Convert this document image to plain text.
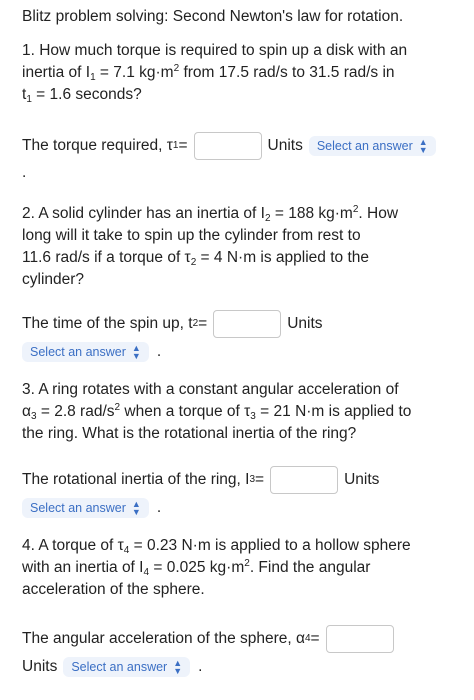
Blitz problem solving: Second Newton's law for rotation.
1. How much torque is required to spin up a disk with an
inertia of $I_1 = 7.1$ $kg\cdot m^2$ from 17.5 rad/s to 31.5 rad/s in
$t_1 = 1.6$ seconds?
The torque required, τ 1 =	Units Select an answer ▲
▼
.
2. A solid cylinder has an inertia of $I_2 = 188$ $kg\cdot m^2$. How
long will it take to spin up the cylinder from rest to
11.6 rad/s if a torque of $\tau_2 = 4$ N·m is applied to the
cylinder?
The time of the spin up, t 2 =	Units
Select an answer ▲
▼ .
3. A ring rotates with a constant angular acceleration of
$\alpha_3 = 2.8$ rad/$s^2$ when a torque of $\tau_3 = 21$ N·m is applied to
the ring. What is the rotational inertia of the ring?
The rotational inertia of the ring, I 3 =	Units
Select an answer ▲
▼ .
4. A torque of $\tau_4 = 0.23$ N·m is applied to a hollow sphere
with an inertia of $I_4 = 0.025$ $kg\cdot m^2$. Find the angular
acceleration of the sphere.
The angular acceleration of the sphere, α 4 =
Units Select an answer ▲
▼ .
